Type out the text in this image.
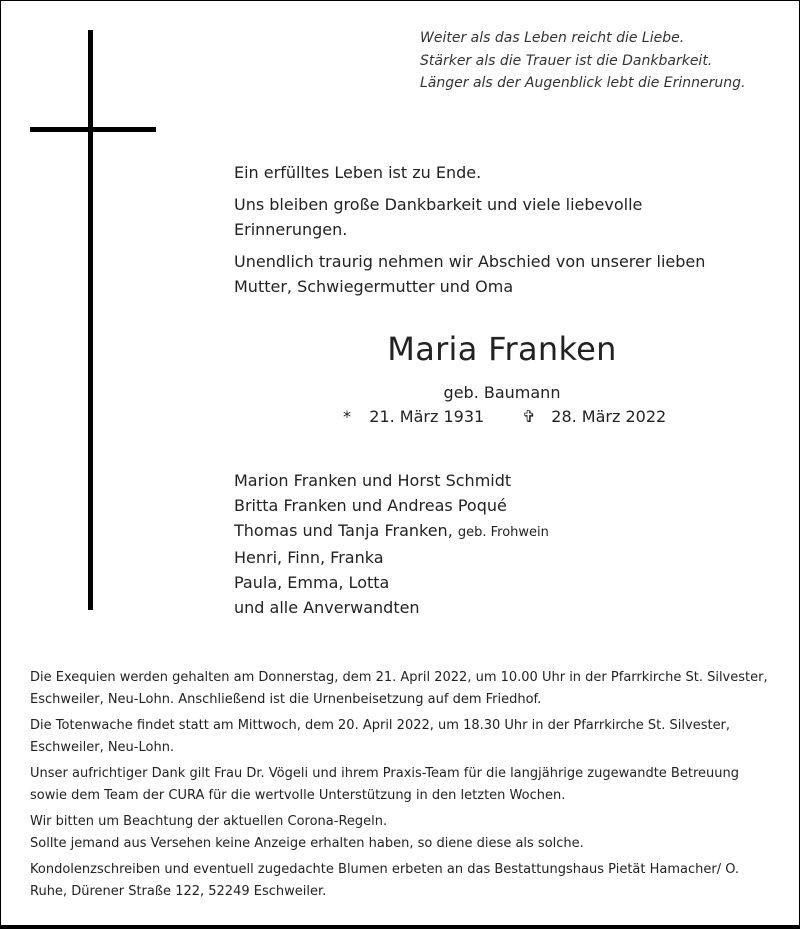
Weiter als das Leben reicht die Liebe.
Stärker als die Trauer ist die Dankbarkeit.
Länger als der Augenblick lebt die Erinnerung.

Ein erfülltes Leben ist zu Ende.

Uns bleiben große Dankbarkeit und viele liebevolle Erinnerungen.

Unendlich traurig nehmen wir Abschied von unserer lieben Mutter, Schwiegermutter und Oma

Maria Franken
geb. Baumann
* 21. März 1931 ✞ 28. März 2022
Marion Franken und Horst Schmidt
Britta Franken und Andreas Poqué
Thomas und Tanja Franken, geb. Frohwein
Henri, Finn, Franka
Paula, Emma, Lotta
und alle Anverwandten

Die Exequien werden gehalten am Donnerstag, dem 21. April 2022, um 10.00 Uhr in der Pfarrkirche St. Silvester, Eschweiler, Neu-Lohn. Anschließend ist die Urnenbeisetzung auf dem Friedhof.

Die Totenwache findet statt am Mittwoch, dem 20. April 2022, um 18.30 Uhr in der Pfarrkirche St. Silvester, Eschweiler, Neu-Lohn.

Unser aufrichtiger Dank gilt Frau Dr. Vögeli und ihrem Praxis-Team für die langjährige zugewandte Betreuung sowie dem Team der CURA für die wertvolle Unterstützung in den letzten Wochen.

Wir bitten um Beachtung der aktuellen Corona-Regeln.

Sollte jemand aus Versehen keine Anzeige erhalten haben, so diene diese als solche.

Kondolenzschreiben und eventuell zugedachte Blumen erbeten an das Bestattungshaus Pietät Hamacher/ O. Ruhe, Dürener Straße 122, 52249 Eschweiler.
